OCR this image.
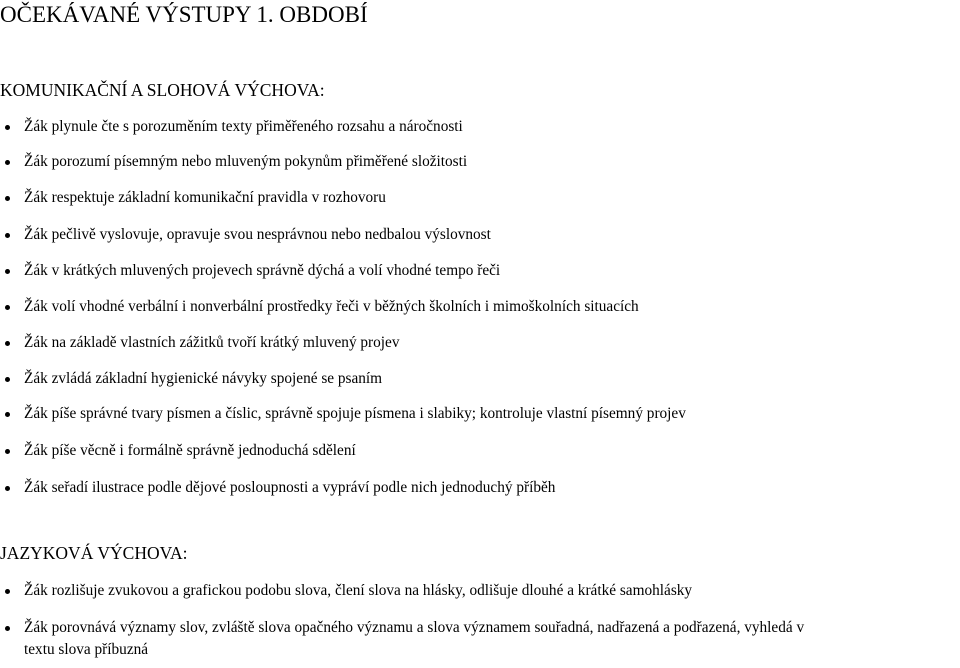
OČEKÁVANÉ VÝSTUPY 1. OBDOBÍ
KOMUNIKAČNÍ A SLOHOVÁ VÝCHOVA:
Žák plynule čte s porozuměním texty přiměřeného rozsahu a náročnosti
Žák porozumí písemným nebo mluveným pokynům přiměřené složitosti
Žák respektuje základní komunikační pravidla v rozhovoru
Žák pečlivě vyslovuje, opravuje svou nesprávnou nebo nedbalou výslovnost
Žák v krátkých mluvených projevech správně dýchá a volí vhodné tempo řeči
Žák volí vhodné verbální i nonverbální prostředky řeči v běžných školních i mimoškolních situacích
Žák na základě vlastních zážitků tvoří krátký mluvený projev
Žák zvládá základní hygienické návyky spojené se psaním
Žák píše správné tvary písmen a číslic, správně spojuje písmena i slabiky; kontroluje vlastní písemný projev
Žák píše věcně i formálně správně jednoduchá sdělení
Žák seřadí ilustrace podle dějové posloupnosti a vypráví podle nich jednoduchý příběh
JAZYKOVÁ VÝCHOVA:
Žák rozlišuje zvukovou a grafickou podobu slova, člení slova na hlásky, odlišuje dlouhé a krátké samohlásky
Žák porovnává významy slov, zvláště slova opačného významu a slova významem souřadná, nadřazená a podřazená, vyhledá v

textu slova příbuzná
